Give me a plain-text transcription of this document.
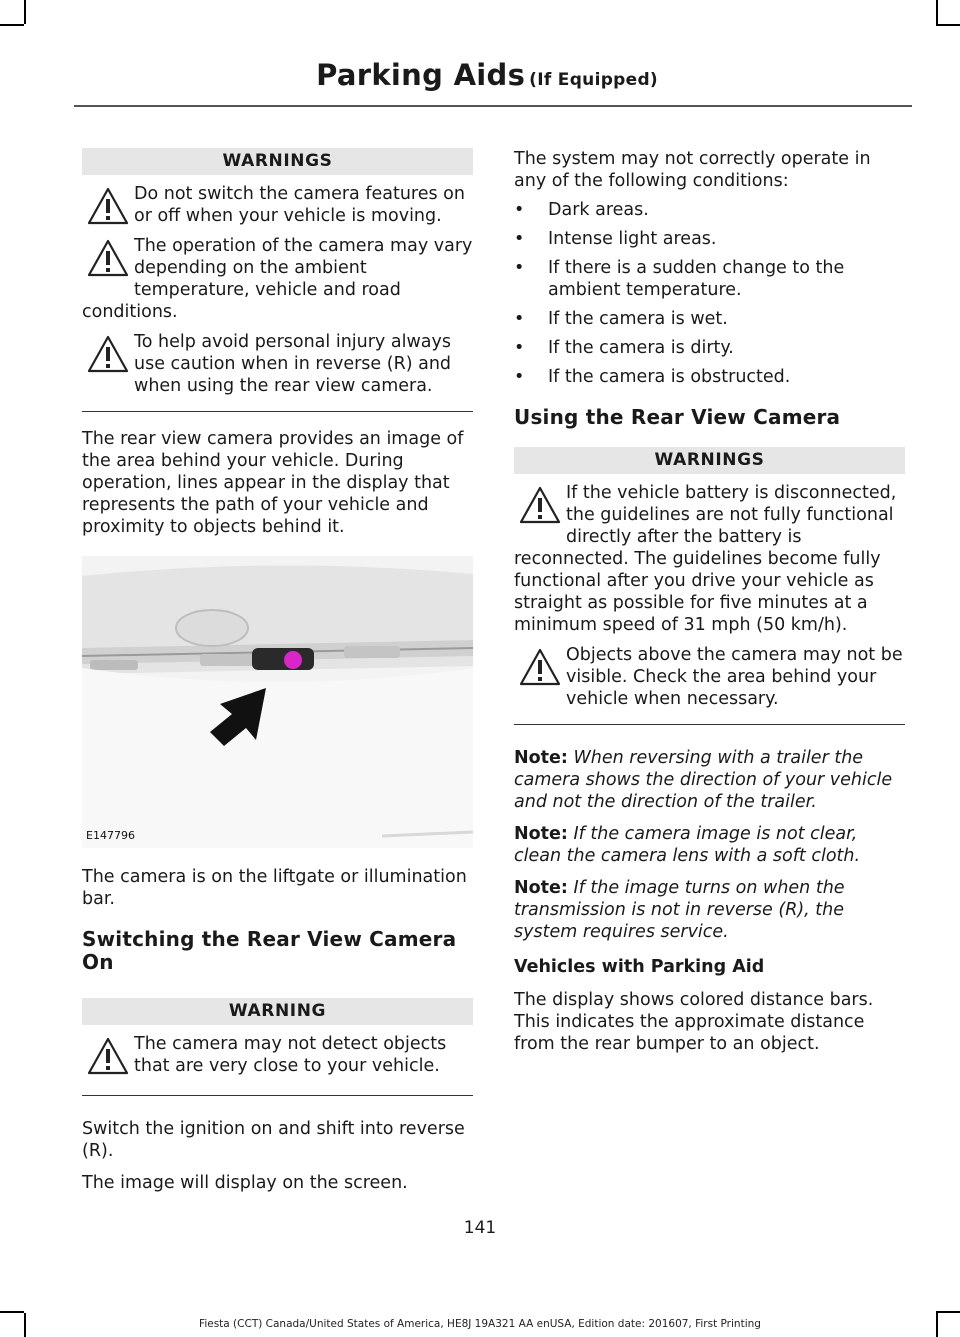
Parking Aids (If Equipped)
WARNINGS
Do not switch the camera features on or off when your vehicle is moving.
The operation of the camera may vary depending on the ambient temperature, vehicle and road conditions.
To help avoid personal injury always use caution when in reverse (R) and when using the rear view camera.

The rear view camera provides an image of the area behind your vehicle. During operation, lines appear in the display that represents the path of your vehicle and proximity to objects behind it.

E147796

The camera is on the liftgate or illumination bar.

Switching the Rear View Camera On
WARNING
The camera may not detect objects that are very close to your vehicle.

Switch the ignition on and shift into reverse (R).

The image will display on the screen.

The system may not correctly operate in any of the following conditions:

• Dark areas.
• Intense light areas.
• If there is a sudden change to the ambient temperature.
• If the camera is wet.
• If the camera is dirty.
• If the camera is obstructed.
Using the Rear View Camera
WARNINGS
If the vehicle battery is disconnected, the guidelines are not fully functional directly after the battery is reconnected. The guidelines become fully functional after you drive your vehicle as straight as possible for five minutes at a minimum speed of 31 mph (50 km/h).
Objects above the camera may not be visible. Check the area behind your vehicle when necessary.
Note: When reversing with a trailer the camera shows the direction of your vehicle and not the direction of the trailer.
Note: If the camera image is not clear, clean the camera lens with a soft cloth.
Note: If the image turns on when the transmission is not in reverse (R), the system requires service.
Vehicles with Parking Aid

The display shows colored distance bars. This indicates the approximate distance from the rear bumper to an object.

141
Fiesta (CCT) Canada/United States of America, HE8J 19A321 AA enUSA, Edition date: 201607, First Printing
